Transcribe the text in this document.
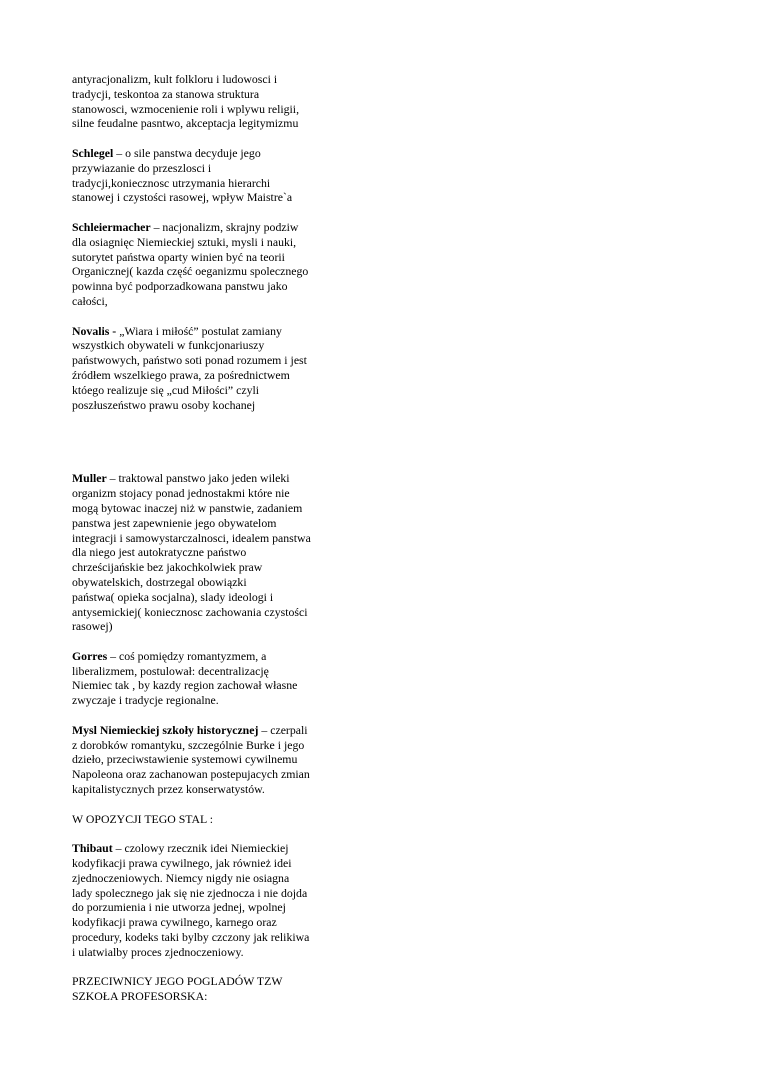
antyracjonalizm, kult folkloru i ludowosci i
tradycji, teskontoa za stanowa struktura
stanowosci, wzmocenienie roli i wplywu religii,
silne feudalne pasntwo, akceptacja legitymizmu
Schlegel – o sile panstwa decyduje jego
przywiazanie do przeszlosci i
tradycji,koniecznosc utrzymania hierarchi
stanowej i czystości rasowej, wpływ Maistre`a
Schleiermacher – nacjonalizm, skrajny podziw
dla osiagnięc Niemieckiej sztuki, mysli i nauki,
sutorytet państwa oparty winien być na teorii
Organicznej( kazda część oeganizmu spolecznego
powinna być podporzadkowana panstwu jako
całości,
Novalis - „Wiara i miłość” postulat zamiany
wszystkich obywateli w funkcjonariuszy
państwowych, państwo soti ponad rozumem i jest
źródłem wszelkiego prawa, za pośrednictwem
któego realizuje się „cud Miłości” czyli
poszłuszeństwo prawu osoby kochanej
Muller – traktowal panstwo jako jeden wileki
organizm stojacy ponad jednostakmi które nie
mogą bytowac inaczej niż w panstwie, zadaniem
panstwa jest zapewnienie jego obywatelom
integracji i samowystarczalnosci, idealem panstwa
dla niego jest autokratyczne państwo
chrześcijańskie bez jakochkolwiek praw
obywatelskich, dostrzegal obowiązki
państwa( opieka socjalna), slady ideologi i
antysemickiej( koniecznosc zachowania czystości
rasowej)
Gorres – coś pomiędzy romantyzmem, a
liberalizmem, postulował: decentralizację
Niemiec tak , by kazdy region zachował własne
zwyczaje i tradycje regionalne.
Mysl Niemieckiej szkoły historycznej – czerpali
z dorobków romantyku, szczególnie Burke i jego
dzieło, przeciwstawienie systemowi cywilnemu
Napoleona oraz zachanowan postepujacych zmian
kapitalistycznych przez konserwatystów.
W OPOZYCJI TEGO STAL :
Thibaut – czolowy rzecznik idei Niemieckiej
kodyfikacji prawa cywilnego, jak również idei
zjednoczeniowych. Niemcy nigdy nie osiagna
lady spolecznego jak się nie zjednocza i nie dojda
do porzumienia i nie utworza jednej, wpolnej
kodyfikacji prawa cywilnego, karnego oraz
procedury, kodeks taki bylby czczony jak relikiwa
i ulatwialby proces zjednoczeniowy.
PRZECIWNICY JEGO POGLADÓW TZW
SZKOŁA PROFESORSKA:
